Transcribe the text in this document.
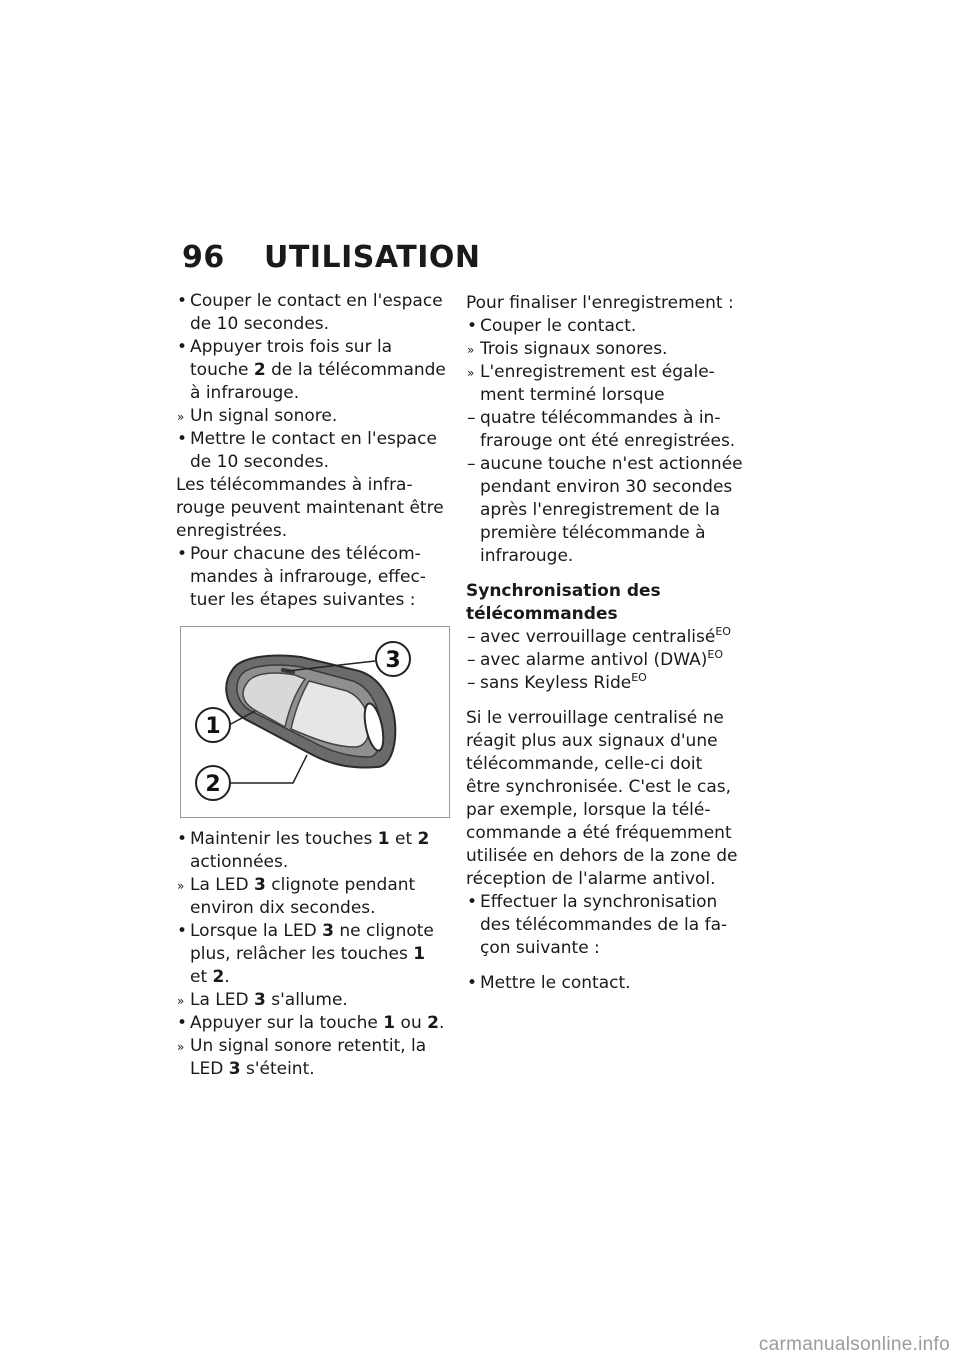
96	UTILISATION
• Couper le contact en l'espace
de 10 secondes.
• Appuyer trois fois sur la
touche 2 de la télécommande
à infrarouge.
» Un signal sonore.
• Mettre le contact en l'espace
de 10 secondes.
Les télécommandes à infra-
rouge peuvent maintenant être
enregistrées.
• Pour chacune des télécom-
mandes à infrarouge, effec-
tuer les étapes suivantes :
3
1
2
• Maintenir les touches 1 et 2
actionnées.
» La LED 3 clignote pendant
environ dix secondes.
• Lorsque la LED 3 ne clignote
plus, relâcher les touches 1
et 2.
» La LED 3 s'allume.
• Appuyer sur la touche 1 ou 2.
» Un signal sonore retentit, la
LED 3 s'éteint.
Pour finaliser l'enregistrement :
• Couper le contact.
» Trois signaux sonores.
» L'enregistrement est égale-
ment terminé lorsque
– quatre télécommandes à in-
frarouge ont été enregistrées.
– aucune touche n'est actionnée
pendant environ 30 secondes
après l'enregistrement de la
première télécommande à
infrarouge.
Synchronisation des
télécommandes
– avec verrouillage centralisé$^{EO}$
– avec alarme antivol (DWA)$^{EO}$
– sans Keyless Ride$^{EO}$
Si le verrouillage centralisé ne
réagit plus aux signaux d'une
télécommande, celle-ci doit
être synchronisée. C'est le cas,
par exemple, lorsque la télé-
commande a été fréquemment
utilisée en dehors de la zone de
réception de l'alarme antivol.
• Effectuer la synchronisation
des télécommandes de la fa-
çon suivante :
• Mettre le contact.
carmanualsonline.info
